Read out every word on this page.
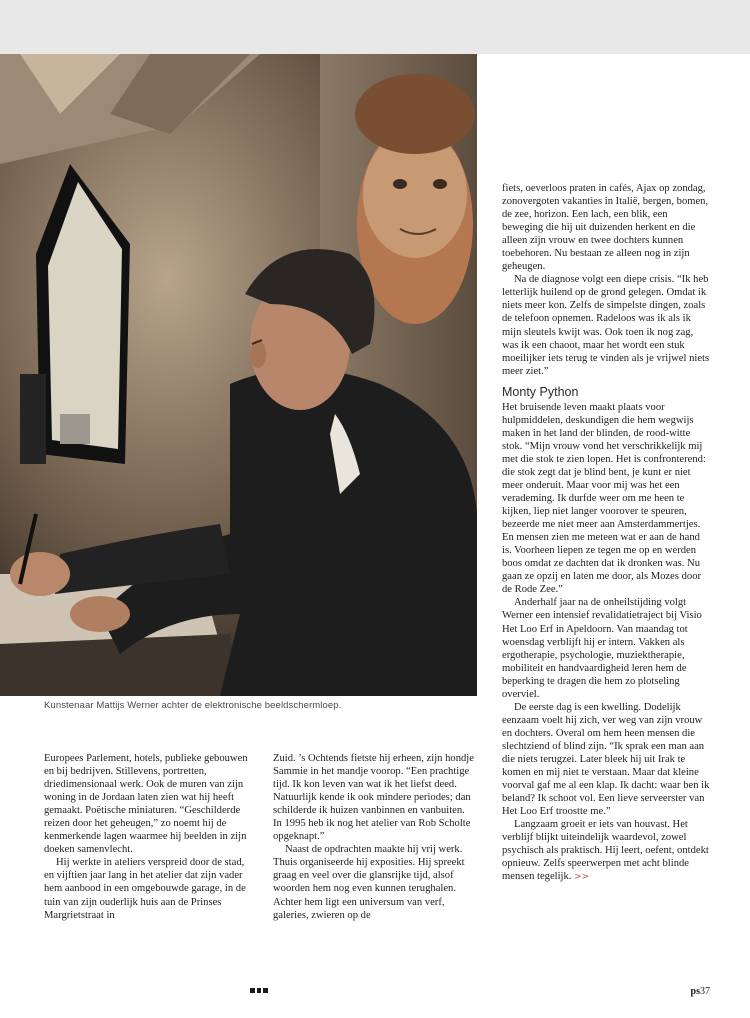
Kunstenaar Mattijs Werner achter de elektronische beeldschermloep.

Europees Parlement, hotels, publieke gebouwen en bij bedrijven. Stillevens, portretten, driedimensionaal werk. Ook de muren van zijn woning in de Jordaan laten zien wat hij heeft gemaakt. Poëtische miniaturen. “Geschilderde reizen door het geheugen,” zo noemt hij de kenmerkende lagen waarmee hij beelden in zijn doeken samenvlecht.

Hij werkte in ateliers verspreid door de stad, en vijftien jaar lang in het atelier dat zijn vader hem aanbood in een omgebouwde garage, in de tuin van zijn ouderlijk huis aan de Prinses Margrietstraat in

Zuid. ’s Ochtends fietste hij erheen, zijn hondje Sammie in het mandje voorop. “Een prachtige tijd. Ik kon leven van wat ik het liefst deed. Natuurlijk kende ik ook mindere periodes; dan schilderde ik huizen vanbinnen en vanbuiten. In 1995 heb ik nog het atelier van Rob Scholte opgeknapt.”

Naast de opdrachten maakte hij vrij werk. Thuis organiseerde hij exposities. Hij spreekt graag en veel over die glansrijke tijd, alsof woorden hem nog even kunnen terughalen. Achter hem ligt een universum van verf, galeries, zwieren op de

fiets, oeverloos praten in cafés, Ajax op zondag, zonovergoten vakanties in Italië, bergen, bomen, de zee, horizon. Een lach, een blik, een beweging die hij uit duizenden herkent en die alleen zijn vrouw en twee dochters kunnen toebehoren. Nu bestaan ze alleen nog in zijn geheugen.

Na de diagnose volgt een diepe crisis. “Ik heb letterlijk huilend op de grond gelegen. Omdat ik niets meer kon. Zelfs de simpelste dingen, zoals de telefoon opnemen. Radeloos was ik als ik mijn sleutels kwijt was. Ook toen ik nog zag, was ik een chaoot, maar het wordt een stuk moeilijker iets terug te vinden als je vrijwel niets meer ziet.”

Monty Python

Het bruisende leven maakt plaats voor hulpmiddelen, deskundigen die hem wegwijs maken in het land der blinden, de rood-witte stok. “Mijn vrouw vond het verschrikkelijk mij met die stok te zien lopen. Het is confronterend: die stok zegt dat je blind bent, je kunt er niet meer onderuit. Maar voor mij was het een verademing. Ik durfde weer om me heen te kijken, liep niet langer voorover te speuren, bezeerde me niet meer aan Amsterdammertjes. En mensen zien me meteen wat er aan de hand is. Voorheen liepen ze tegen me op en werden boos omdat ze dachten dat ik dronken was. Nu gaan ze opzij en laten me door, als Mozes door de Rode Zee.”

Anderhalf jaar na de onheilstijding volgt Werner een intensief revalidatietraject bij Visio Het Loo Erf in Apeldoorn. Van maandag tot woensdag verblijft hij er intern. Vakken als ergotherapie, psychologie, muziektherapie, mobiliteit en handvaardigheid leren hem de beperking te dragen die hem zo plotseling overviel.

De eerste dag is een kwelling. Dodelijk eenzaam voelt hij zich, ver weg van zijn vrouw en dochters. Overal om hem heen mensen die slechtziend of blind zijn. “Ik sprak een man aan die niets terugzei. Later bleek hij uit Irak te komen en mij niet te verstaan. Maar dat kleine voorval gaf me al een klap. Ik dacht: waar ben ik beland? Ik schoot vol. Een lieve serveerster van Het Loo Erf troostte me.”

Langzaam groeit er iets van houvast. Het verblijf blijkt uiteindelijk waardevol, zowel psychisch als praktisch. Hij leert, oefent, ontdekt opnieuw. Zelfs speerwerpen met acht blinde mensen tegelijk. >>

ps37
